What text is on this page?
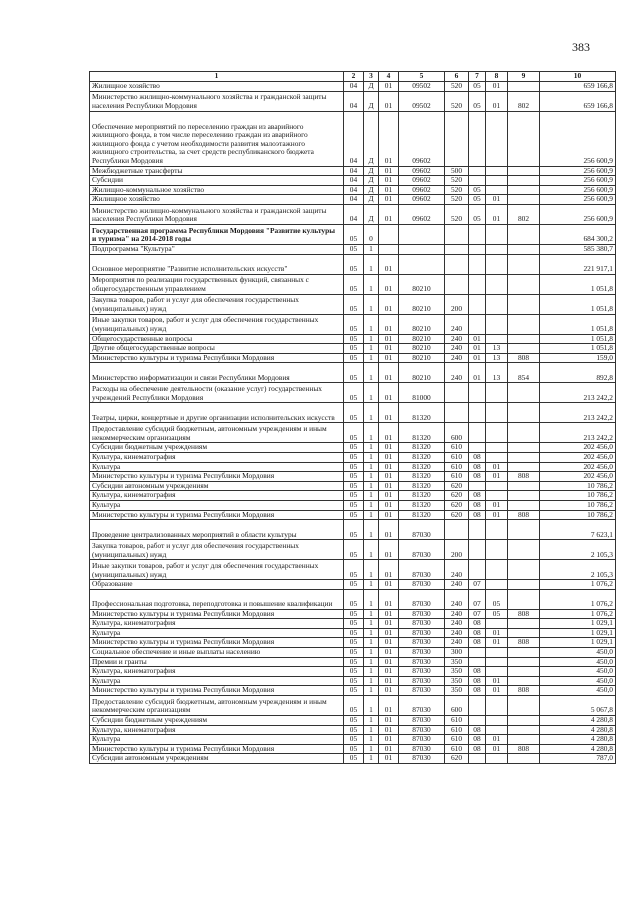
383
1	2	3	4	5	6	7	8	9	10
Жилищное хозяйство	04	Д	01	09502	520	05	01		659 166,8
Министерство жилищно-коммунального хозяйства и гражданской защиты населения Республики Мордовия	04	Д	01	09502	520	05	01	802	659 166,8
Обеспечение мероприятий по переселению граждан из аварийного жилищного фонда, в том числе переселению граждан из аварийного жилищного фонда с учетом необходимости развития малоэтажного жилищного строительства, за счет средств республиканского бюджета Республики Мордовия	04	Д	01	09602					256 600,9
Межбюджетные трансферты	04	Д	01	09602	500				256 600,9
Субсидии	04	Д	01	09602	520				256 600,9
Жилищно-коммунальное хозяйство	04	Д	01	09602	520	05			256 600,9
Жилищное хозяйство	04	Д	01	09602	520	05	01		256 600,9
Министерство жилищно-коммунального хозяйства и гражданской защиты населения Республики Мордовия	04	Д	01	09602	520	05	01	802	256 600,9
Государственная программа Республики Мордовия "Развитие культуры и туризма" на 2014-2018 годы	05	0							684 300,2
Подпрограмма "Культура"	05	1							585 380,7
Основное мероприятие "Развитие исполнительских искусств"	05	1	01						221 917,1
Мероприятия по реализации государственных функций, связанных с общегосударственным управлением	05	1	01	80210					1 051,8
Закупка товаров, работ и услуг для обеспечения государственных (муниципальных) нужд	05	1	01	80210	200				1 051,8
Иные закупки товаров, работ и услуг для обеспечения государственных (муниципальных) нужд	05	1	01	80210	240				1 051,8
Общегосударственные вопросы	05	1	01	80210	240	01			1 051,8
Другие общегосударственные вопросы	05	1	01	80210	240	01	13		1 051,8
Министерство культуры и туризма Республики Мордовия	05	1	01	80210	240	01	13	808	159,0
Министерство информатизации и связи Республики Мордовия	05	1	01	80210	240	01	13	854	892,8
Расходы на обеспечение деятельности (оказание услуг) государственных учреждений Республики Мордовия	05	1	01	81000					213 242,2
Театры, цирки, концертные и другие организации исполнительских искусств	05	1	01	81320					213 242,2
Предоставление субсидий бюджетным, автономным учреждениям и иным некоммерческим организациям	05	1	01	81320	600				213 242,2
Субсидии бюджетным учреждениям	05	1	01	81320	610				202 456,0
Культура, кинематография	05	1	01	81320	610	08			202 456,0
Культура	05	1	01	81320	610	08	01		202 456,0
Министерство культуры и туризма Республики Мордовия	05	1	01	81320	610	08	01	808	202 456,0
Субсидии автономным учреждениям	05	1	01	81320	620				10 786,2
Культура, кинематография	05	1	01	81320	620	08			10 786,2
Культура	05	1	01	81320	620	08	01		10 786,2
Министерство культуры и туризма Республики Мордовия	05	1	01	81320	620	08	01	808	10 786,2
Проведение централизованных мероприятий в области культуры	05	1	01	87030					7 623,1
Закупка товаров, работ и услуг для обеспечения государственных (муниципальных) нужд	05	1	01	87030	200				2 105,3
Иные закупки товаров, работ и услуг для обеспечения государственных (муниципальных) нужд	05	1	01	87030	240				2 105,3
Образование	05	1	01	87030	240	07			1 076,2
Профессиональная подготовка, переподготовка и повышение квалификации	05	1	01	87030	240	07	05		1 076,2
Министерство культуры и туризма Республики Мордовия	05	1	01	87030	240	07	05	808	1 076,2
Культура, кинематография	05	1	01	87030	240	08			1 029,1
Культура	05	1	01	87030	240	08	01		1 029,1
Министерство культуры и туризма Республики Мордовия	05	1	01	87030	240	08	01	808	1 029,1
Социальное обеспечение и иные выплаты населению	05	1	01	87030	300				450,0
Премии и гранты	05	1	01	87030	350				450,0
Культура, кинематография	05	1	01	87030	350	08			450,0
Культура	05	1	01	87030	350	08	01		450,0
Министерство культуры и туризма Республики Мордовия	05	1	01	87030	350	08	01	808	450,0
Предоставление субсидий бюджетным, автономным учреждениям и иным некоммерческим организациям	05	1	01	87030	600				5 067,8
Субсидии бюджетным учреждениям	05	1	01	87030	610				4 280,8
Культура, кинематография	05	1	01	87030	610	08			4 280,8
Культура	05	1	01	87030	610	08	01		4 280,8
Министерство культуры и туризма Республики Мордовия	05	1	01	87030	610	08	01	808	4 280,8
Субсидии автономным учреждениям	05	1	01	87030	620				787,0
